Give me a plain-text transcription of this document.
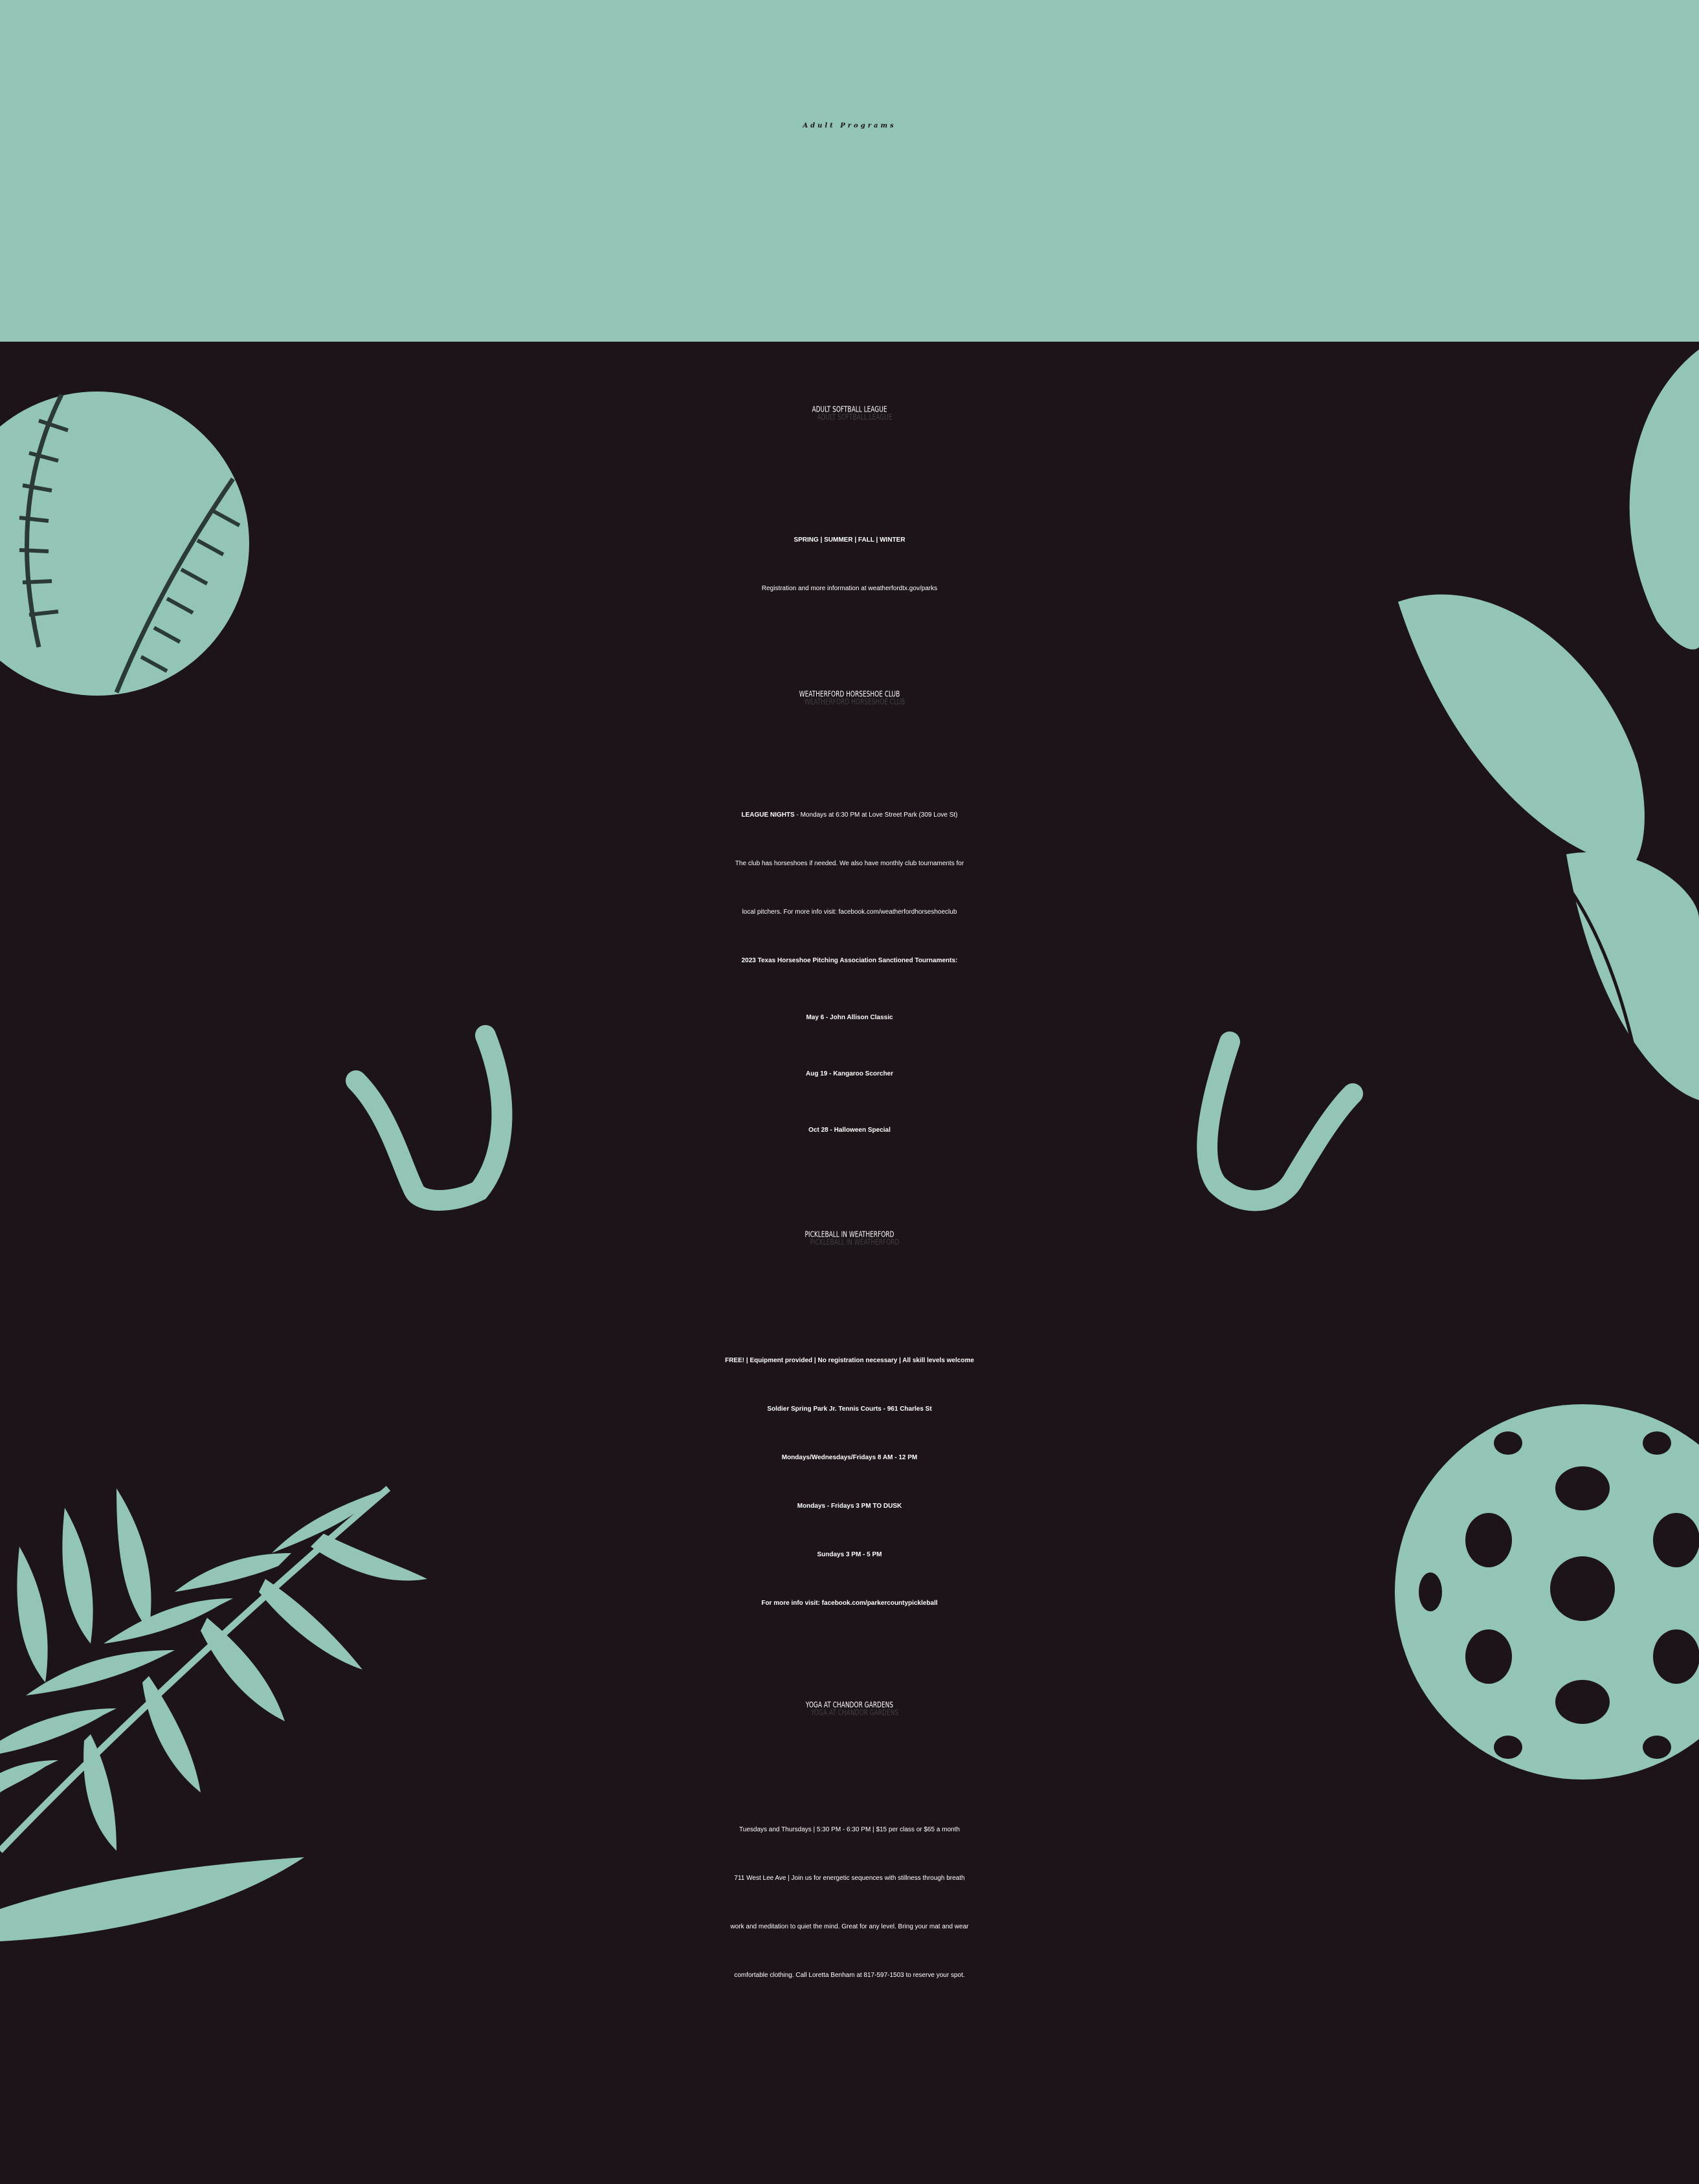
Adult Programs
ADULT SOFTBALL LEAGUE
SPRING | SUMMER | FALL | WINTER
Registration and more information at weatherfordtx.gov/parks
WEATHERFORD HORSESHOE CLUB
LEAGUE NIGHTS - Mondays at 6:30 PM at Love Street Park (309 Love St)
The club has horseshoes if needed. We also have monthly club tournaments for
local pitchers. For more info visit: facebook.com/weatherfordhorseshoeclub
2023 Texas Horseshoe Pitching Association Sanctioned Tournaments:
May 6 - John Allison Classic
Aug 19 - Kangaroo Scorcher
Oct 28 - Halloween Special
PICKLEBALL IN WEATHERFORD
FREE! | Equipment provided | No registration necessary | All skill levels welcome
Soldier Spring Park Jr. Tennis Courts - 961 Charles St
Mondays/Wednesdays/Fridays 8 AM - 12 PM
Mondays - Fridays 3 PM TO DUSK
Sundays 3 PM - 5 PM
For more info visit: facebook.com/parkercountypickleball
YOGA AT CHANDOR GARDENS
Tuesdays and Thursdays | 5:30 PM - 6:30 PM | $15 per class or $65 a month
711 West Lee Ave | Join us for energetic sequences with stillness through breath
work and meditation to quiet the mind. Great for any level. Bring your mat and wear
comfortable clothing. Call Loretta Benham at 817-597-1503 to reserve your spot.
